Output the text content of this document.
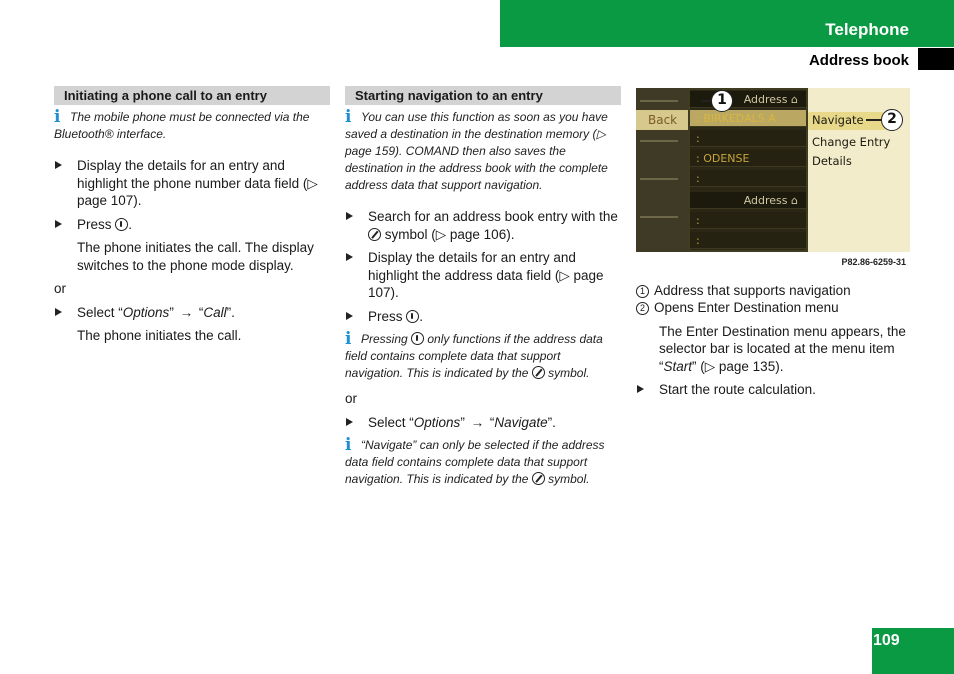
Telephone
Address book
Initiating a phone call to an entry
i The mobile phone must be connected via the Bluetooth® interface.
Display the details for an entry and highlight the phone number data field (▷ page 107).
Press .
The phone initiates the call. The display switches to the phone mode display.
or
Select “Options” → “Call”.
The phone initiates the call.
Starting navigation to an entry
i You can use this function as soon as you have saved a destination in the destination memory (▷ page 159). COMAND then also saves the destination in the address book with the complete address data that support navigation.
Search for an address book entry with the  symbol (▷ page 106).
Display the details for an entry and highlight the address data field (▷ page 107).
Press .
i Pressing  only functions if the address data field contains complete data that support navigation. This is indicated by the  symbol.
or
Select “Options” → “Navigate”.
i “Navigate” can only be selected if the address data field contains complete data that support navigation. This is indicated by the  symbol.
Back
Address ⌂
: BIRKEDALS A
:
: ODENSE
:
Address ⌂
:
:
Navigate
Change Entry
Details
1
2
P82.86-6259-31
1 Address that supports navigation
2 Opens Enter Destination menu
The Enter Destination menu appears, the selector bar is located at the menu item “Start” (▷ page 135).
Start the route calculation.
109
